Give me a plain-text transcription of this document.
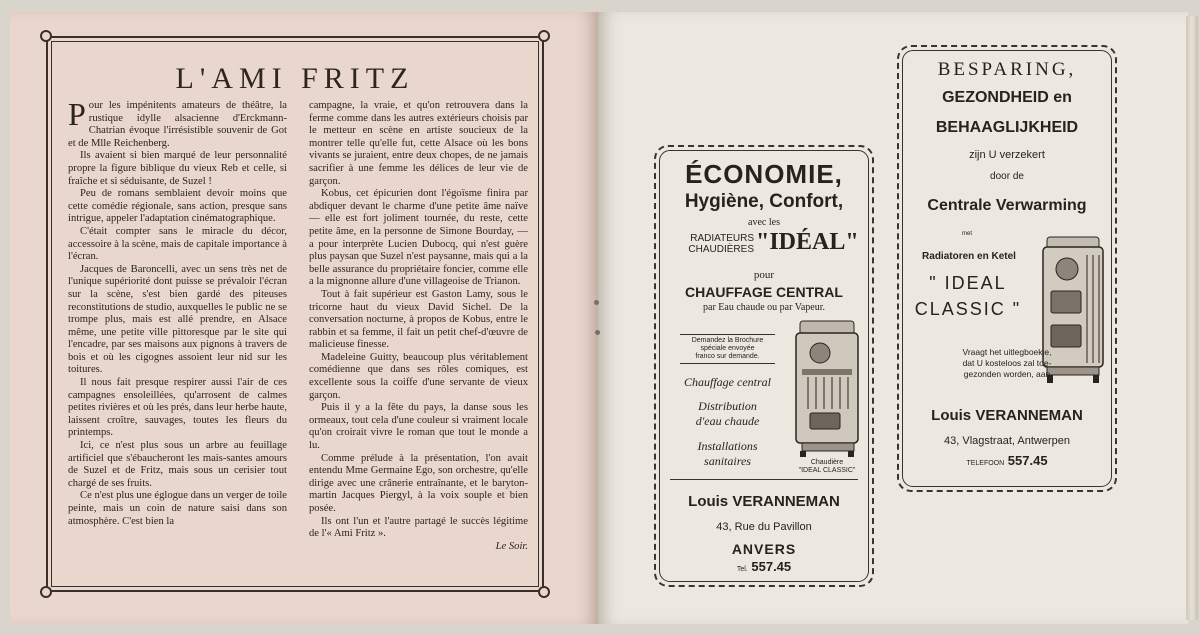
L'AMI FRITZ

Pour les impénitents amateurs de théâtre, la rustique idylle alsacienne d'Erckmann-Chatrian évoque l'irrésistible souvenir de Got et de Mlle Reichenberg.

Ils avaient si bien marqué de leur personnalité propre la figure biblique du vieux Reb et celle, si fraîche et si séduisante, de Suzel !

Peu de romans semblaient devoir moins que cette comédie régionale, sans action, presque sans intrigue, appeler l'adaptation cinématographique.

C'était compter sans le miracle du décor, accessoire à la scène, mais de capitale importance à l'écran.

Jacques de Baroncelli, avec un sens très net de l'unique supériorité dont puisse se prévaloir l'écran sur la scène, s'est bien gardé des piteuses reconstitutions de studio, auxquelles le public ne se trompe plus, mais est allé prendre, en Alsace même, une petite ville pittoresque par le site qui l'encadre, par ses maisons aux pignons à travers de bois et où les cigognes assoient leur nid sur les toitures.

Il nous fait presque respirer aussi l'air de ces campagnes ensoleillées, qu'arrosent de calmes petites rivières et où les prés, dans leur herbe haute, laissent croître, sauvages, toutes les fleurs du printemps.

Ici, ce n'est plus sous un arbre au feuillage artificiel que s'ébaucheront les mais-santes amours de Suzel et de Fritz, mais sous un cerisier tout chargé de ses fruits.

Ce n'est plus une églogue dans un verger de toile peinte, mais un coin de nature saisi dans son atmosphère. C'est bien la

campagne, la vraie, et qu'on retrouvera dans la ferme comme dans les autres extérieurs choisis par le metteur en scène en artiste soucieux de la montrer telle qu'elle fut, cette Alsace où les bons vivants se juraient, entre deux chopes, de ne jamais sacrifier à une femme les délices de leur vie de garçon.

Kobus, cet épicurien dont l'égoïsme finira par abdiquer devant le charme d'une petite âme naïve — elle est fort joliment tournée, du reste, cette petite âme, en la personne de Simone Bourday, — a pour interprète Lucien Dubocq, qui n'est guère plus paysan que Suzel n'est paysanne, mais qui a la belle assurance du propriétaire foncier, comme elle a la mignonne allure d'une villageoise de Trianon.

Tout à fait supérieur est Gaston Lamy, sous le tricorne haut du vieux David Sichel. De la conversation nocturne, à propos de Kobus, entre le rabbin et sa femme, il fait un petit chef-d'œuvre de malicieuse finesse.

Madeleine Guitty, beaucoup plus véritablement comédienne que dans ses rôles comiques, est excellente sous la coiffe d'une servante de vieux garçon.

Puis il y a la fête du pays, la danse sous les ormeaux, tout cela d'une couleur si vraiment locale qu'on croirait vivre le roman que tout le monde a lu.

Comme prélude à la présentation, l'on avait entendu Mme Germaine Ego, son orchestre, qu'elle dirige avec une crânerie entraînante, et le baryton-martin Jacques Piergyl, à la voix souple et bien posée.

Ils ont l'un et l'autre partagé le succès légitime de l'« Ami Fritz ».

Le Soir.

ÉCONOMIE,
Hygiène, Confort,
avec les
RADIATEURS
CHAUDIÈRES "IDÉAL"
pour
CHAUFFAGE CENTRAL
par Eau chaude ou par Vapeur.
Demandez la Brochure
spéciale envoyée
franco sur demande.
Chauffage central
Distribution
d'eau chaude
Installations
sanitaires	Chaudière
"IDEAL CLASSIC"
Louis VERANNEMAN
43, Rue du Pavillon
ANVERS
Tel. 557.45
BESPARING,
GEZONDHEID en
BEHAAGLIJKHEID
zijn U verzekert
door de
Centrale Verwarming
met
Radiatoren en Ketel
" IDEAL
CLASSIC "
Vraagt het uitlegboekje,
dat U kosteloos zal toe-
gezonden worden, aan
Louis VERANNEMAN
43, Vlagstraat, Antwerpen
TELEFOON 557.45
